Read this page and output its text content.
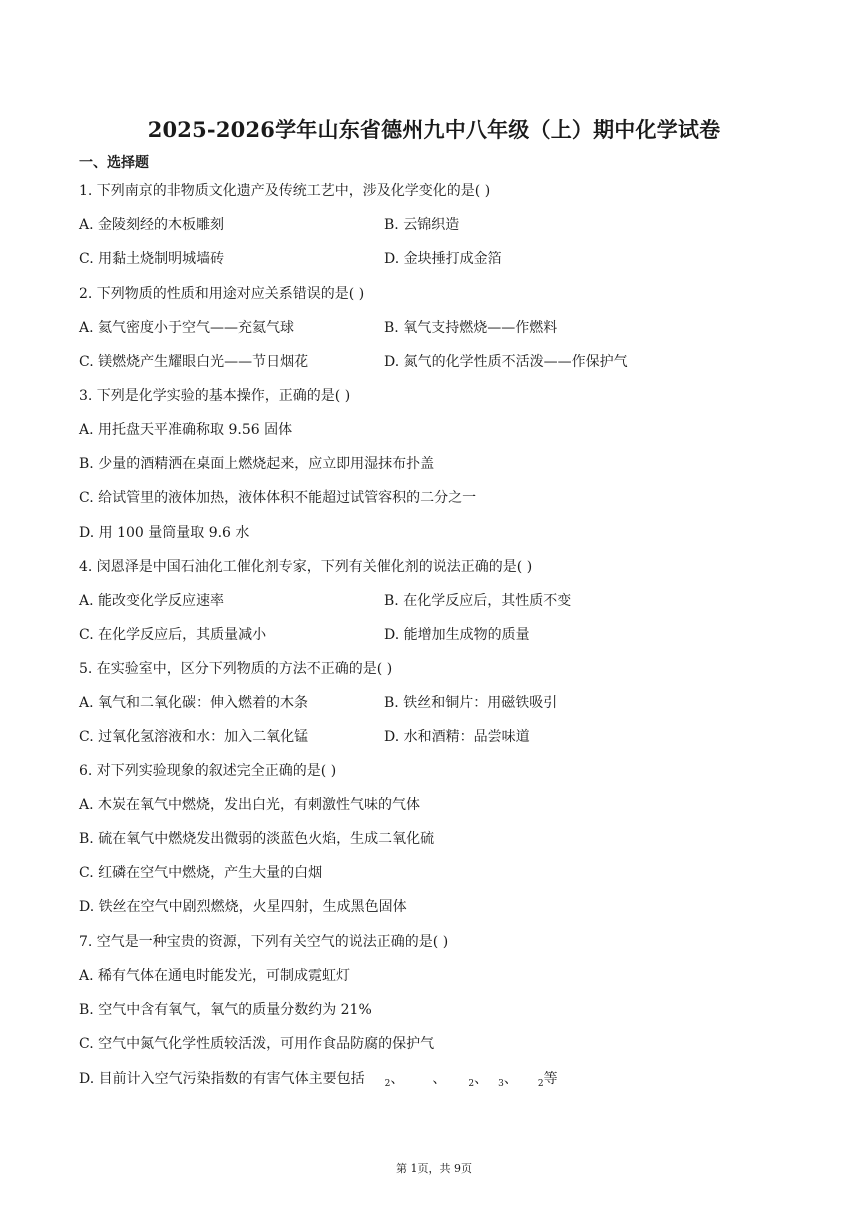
2025-2026学年山东省德州九中八年级（上）期中化学试卷
一、选择题
1. 下列南京的非物质文化遗产及传统工艺中，涉及化学变化的是( )
A. 金陵刻经的木板雕刻	B. 云锦织造
C. 用黏土烧制明城墙砖	D. 金块捶打成金箔
2. 下列物质的性质和用途对应关系错误的是( )
A. 氦气密度小于空气——充氦气球	B. 氧气支持燃烧——作燃料
C. 镁燃烧产生耀眼白光——节日烟花	D. 氮气的化学性质不活泼——作保护气
3. 下列是化学实验的基本操作，正确的是( )
A. 用托盘天平准确称取 9.56 固体
B. 少量的酒精洒在桌面上燃烧起来，应立即用湿抹布扑盖
C. 给试管里的液体加热，液体体积不能超过试管容积的二分之一
D. 用 100 量筒量取 9.6 水
4. 闵恩泽是中国石油化工催化剂专家，下列有关催化剂的说法正确的是( )
A. 能改变化学反应速率	B. 在化学反应后，其性质不变
C. 在化学反应后，其质量减小	D. 能增加生成物的质量
5. 在实验室中，区分下列物质的方法不正确的是( )
A. 氧气和二氧化碳：伸入燃着的木条	B. 铁丝和铜片：用磁铁吸引
C. 过氧化氢溶液和水：加入二氧化锰	D. 水和酒精：品尝味道
6. 对下列实验现象的叙述完全正确的是( )
A. 木炭在氧气中燃烧，发出白光，有刺激性气味的气体
B. 硫在氧气中燃烧发出微弱的淡蓝色火焰，生成二氧化硫
C. 红磷在空气中燃烧，产生大量的白烟
D. 铁丝在空气中剧烈燃烧，火星四射，生成黑色固体
7. 空气是一种宝贵的资源，下列有关空气的说法正确的是( )
A. 稀有气体在通电时能发光，可制成霓虹灯
B. 空气中含有氧气，氧气的质量分数约为 21%
C. 空气中氮气化学性质较活泼，可用作食品防腐的保护气
D. 目前计入空气污染指数的有害气体主要包括 $_2$、 、 $_2$、 $_3$、 $_2$等
第 1页，共 9页
